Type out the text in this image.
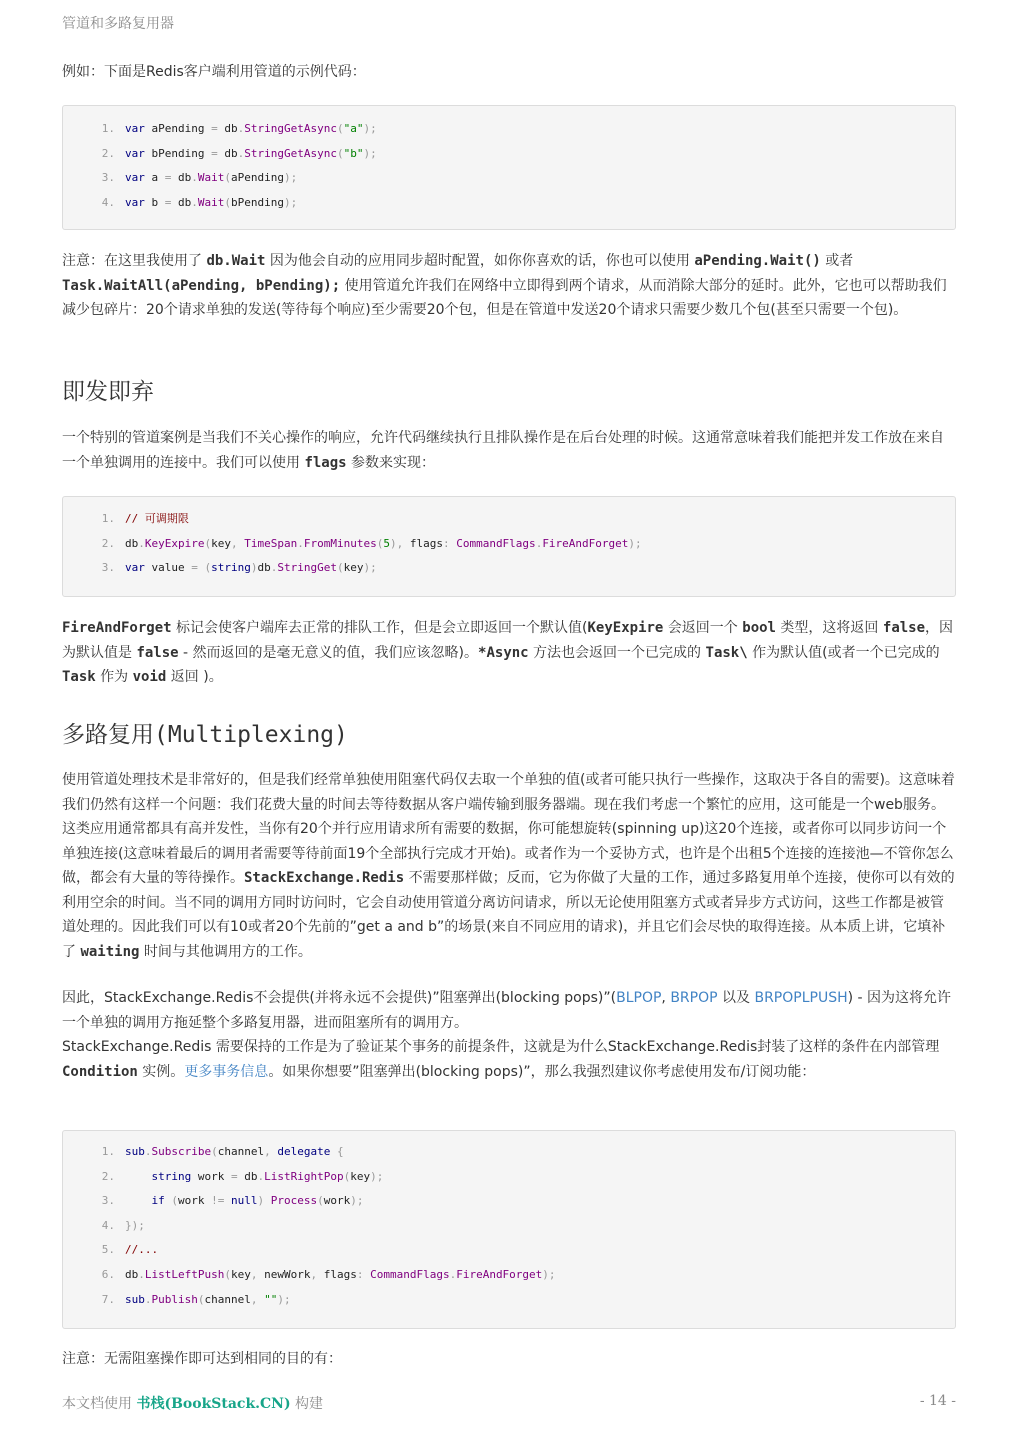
管道和多路复用器

例如：下面是Redis客户端利用管道的示例代码：

1. var aPending = db.StringGetAsync("a");
2. var bPending = db.StringGetAsync("b");
3. var a = db.Wait(aPending);
4. var b = db.Wait(bPending);

注意：在这里我使用了 db.Wait 因为他会自动的应用同步超时配置，如你你喜欢的话，你也可以使用 aPending.Wait() 或者 Task.WaitAll(aPending, bPending); 使用管道允许我们在网络中立即得到两个请求，从而消除大部分的延时。此外，它也可以帮助我们减少包碎片：20个请求单独的发送(等待每个响应)至少需要20个包，但是在管道中发送20个请求只需要少数几个包(甚至只需要一个包)。

即发即弃

一个特别的管道案例是当我们不关心操作的响应，允许代码继续执行且排队操作是在后台处理的时候。这通常意味着我们能把并发工作放在来自一个单独调用的连接中。我们可以使用 flags 参数来实现：

1. // 可调期限
2. db.KeyExpire(key, TimeSpan.FromMinutes(5), flags: CommandFlags.FireAndForget);
3. var value = (string)db.StringGet(key);

FireAndForget 标记会使客户端库去正常的排队工作，但是会立即返回一个默认值(KeyExpire 会返回一个 bool 类型，这将返回 false，因为默认值是 false - 然而返回的是毫无意义的值，我们应该忽略)。*Async 方法也会返回一个已完成的 Task\ 作为默认值(或者一个已完成的 Task 作为 void 返回 )。

多路复用(Multiplexing)

使用管道处理技术是非常好的，但是我们经常单独使用阻塞代码仅去取一个单独的值(或者可能只执行一些操作，这取决于各自的需要)。这意味着我们仍然有这样一个问题：我们花费大量的时间去等待数据从客户端传输到服务器端。现在我们考虑一个繁忙的应用，这可能是一个web服务。这类应用通常都具有高并发性，当你有20个并行应用请求所有需要的数据，你可能想旋转(spinning up)这20个连接，或者你可以同步访问一个单独连接(这意味着最后的调用者需要等待前面19个全部执行完成才开始)。或者作为一个妥协方式，也许是个出租5个连接的连接池—不管你怎么做，都会有大量的等待操作。StackExchange.Redis 不需要那样做；反而，它为你做了大量的工作，通过多路复用单个连接，使你可以有效的利用空余的时间。当不同的调用方同时访问时，它会自动使用管道分离访问请求，所以无论使用阻塞方式或者异步方式访问，这些工作都是被管道处理的。因此我们可以有10或者20个先前的”get a and b”的场景(来自不同应用的请求)，并且它们会尽快的取得连接。从本质上讲，它填补了 waiting 时间与其他调用方的工作。

因此，StackExchange.Redis不会提供(并将永远不会提供)”阻塞弹出(blocking pops)”(BLPOP, BRPOP 以及 BRPOPLPUSH) - 因为这将允许一个单独的调用方拖延整个多路复用器，进而阻塞所有的调用方。

StackExchange.Redis 需要保持的工作是为了验证某个事务的前提条件，这就是为什么StackExchange.Redis封装了这样的条件在内部管理 Condition 实例。更多事务信息。如果你想要”阻塞弹出(blocking pops)”，那么我强烈建议你考虑使用发布/订阅功能：

1. sub.Subscribe(channel, delegate {
2.	string work = db.ListRightPop(key);
3.	if (work != null) Process(work);
4. });
5. //...
6. db.ListLeftPush(key, newWork, flags: CommandFlags.FireAndForget);
7. sub.Publish(channel, "");

注意：无需阻塞操作即可达到相同的目的有：

本文档使用 书栈(BookStack.CN) 构建	- 14 -
